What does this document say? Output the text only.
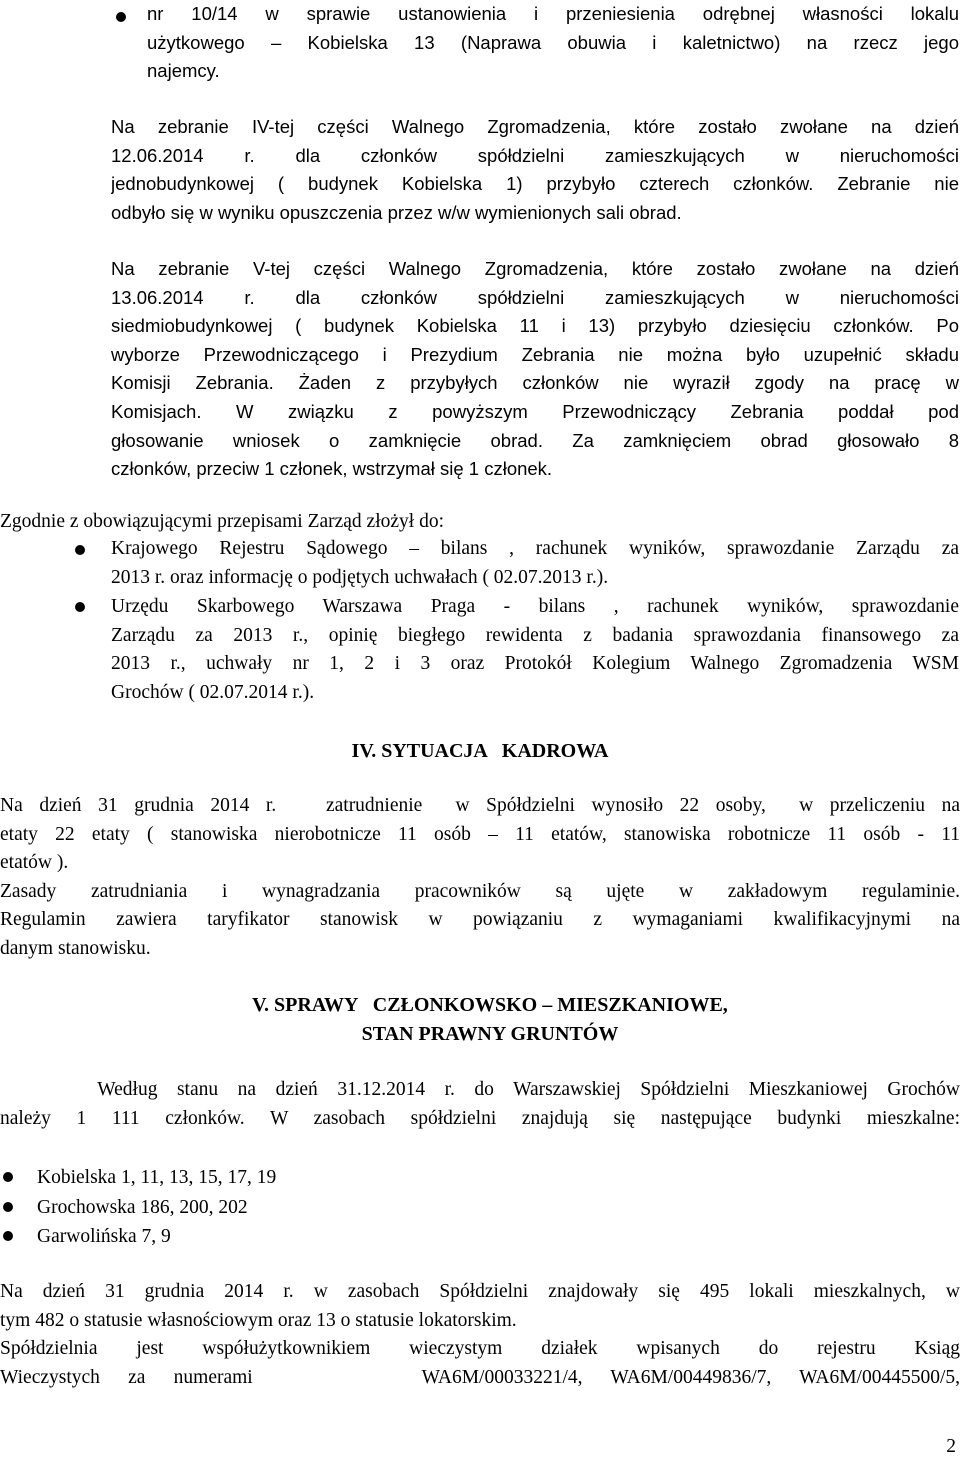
nr 10/14 w sprawie ustanowienia i przeniesienia odrębnej własności lokalu
użytkowego – Kobielska 13 (Naprawa obuwia i kaletnictwo) na rzecz jego
najemcy.
Na zebranie IV-tej części Walnego Zgromadzenia, które zostało zwołane na dzień
12.06.2014 r. dla członków spółdzielni zamieszkujących w nieruchomości
jednobudynkowej ( budynek Kobielska 1) przybyło czterech członków. Zebranie nie
odbyło się w wyniku opuszczenia przez w/w wymienionych sali obrad.
Na zebranie V-tej części Walnego Zgromadzenia, które zostało zwołane na dzień
13.06.2014 r. dla członków spółdzielni zamieszkujących w nieruchomości
siedmiobudynkowej ( budynek Kobielska 11 i 13) przybyło dziesięciu członków. Po
wyborze Przewodniczącego i Prezydium Zebrania nie można było uzupełnić składu
Komisji Zebrania. Żaden z przybyłych członków nie wyraził zgody na pracę w
Komisjach. W związku z powyższym Przewodniczący Zebrania poddał pod
głosowanie wniosek o zamknięcie obrad. Za zamknięciem obrad głosowało 8
członków, przeciw 1 członek, wstrzymał się 1 członek.
Zgodnie z obowiązującymi przepisami Zarząd złożył do:
Krajowego Rejestru Sądowego – bilans , rachunek wyników, sprawozdanie Zarządu za
2013 r. oraz informację o podjętych uchwałach ( 02.07.2013 r.).
Urzędu Skarbowego Warszawa Praga - bilans , rachunek wyników, sprawozdanie
Zarządu za 2013 r., opinię biegłego rewidenta z badania sprawozdania finansowego za
2013 r., uchwały nr 1, 2 i 3 oraz Protokół Kolegium Walnego Zgromadzenia WSM
Grochów ( 02.07.2014 r.).
IV. SYTUACJA   KADROWA
Na dzień 31 grudnia 2014 r.   zatrudnienie  w Spółdzielni wynosiło 22 osoby,  w przeliczeniu na
etaty 22 etaty ( stanowiska nierobotnicze 11 osób – 11 etatów, stanowiska robotnicze 11 osób - 11
etatów ).
Zasady zatrudniania i wynagradzania pracowników są ujęte w zakładowym regulaminie.
Regulamin zawiera taryfikator stanowisk w powiązaniu z wymaganiami kwalifikacyjnymi na
danym stanowisku.
V. SPRAWY   CZŁONKOWSKO – MIESZKANIOWE,
STAN PRAWNY GRUNTÓW
Według stanu na dzień 31.12.2014 r. do Warszawskiej Spółdzielni Mieszkaniowej Grochów
należy 1 111 członków. W zasobach spółdzielni znajdują się następujące budynki mieszkalne:
Kobielska 1, 11, 13, 15, 17, 19
Grochowska 186, 200, 202
Garwolińska 7, 9
Na dzień 31 grudnia 2014 r. w zasobach Spółdzielni znajdowały się 495 lokali mieszkalnych, w
tym 482 o statusie własnościowym oraz 13 o statusie lokatorskim.
Spółdzielnia jest współużytkownikiem wieczystym działek wpisanych do rejestru Ksiąg
Wieczystych za numerami      WA6M/00033221/4, WA6M/00449836/7, WA6M/00445500/5,
2
